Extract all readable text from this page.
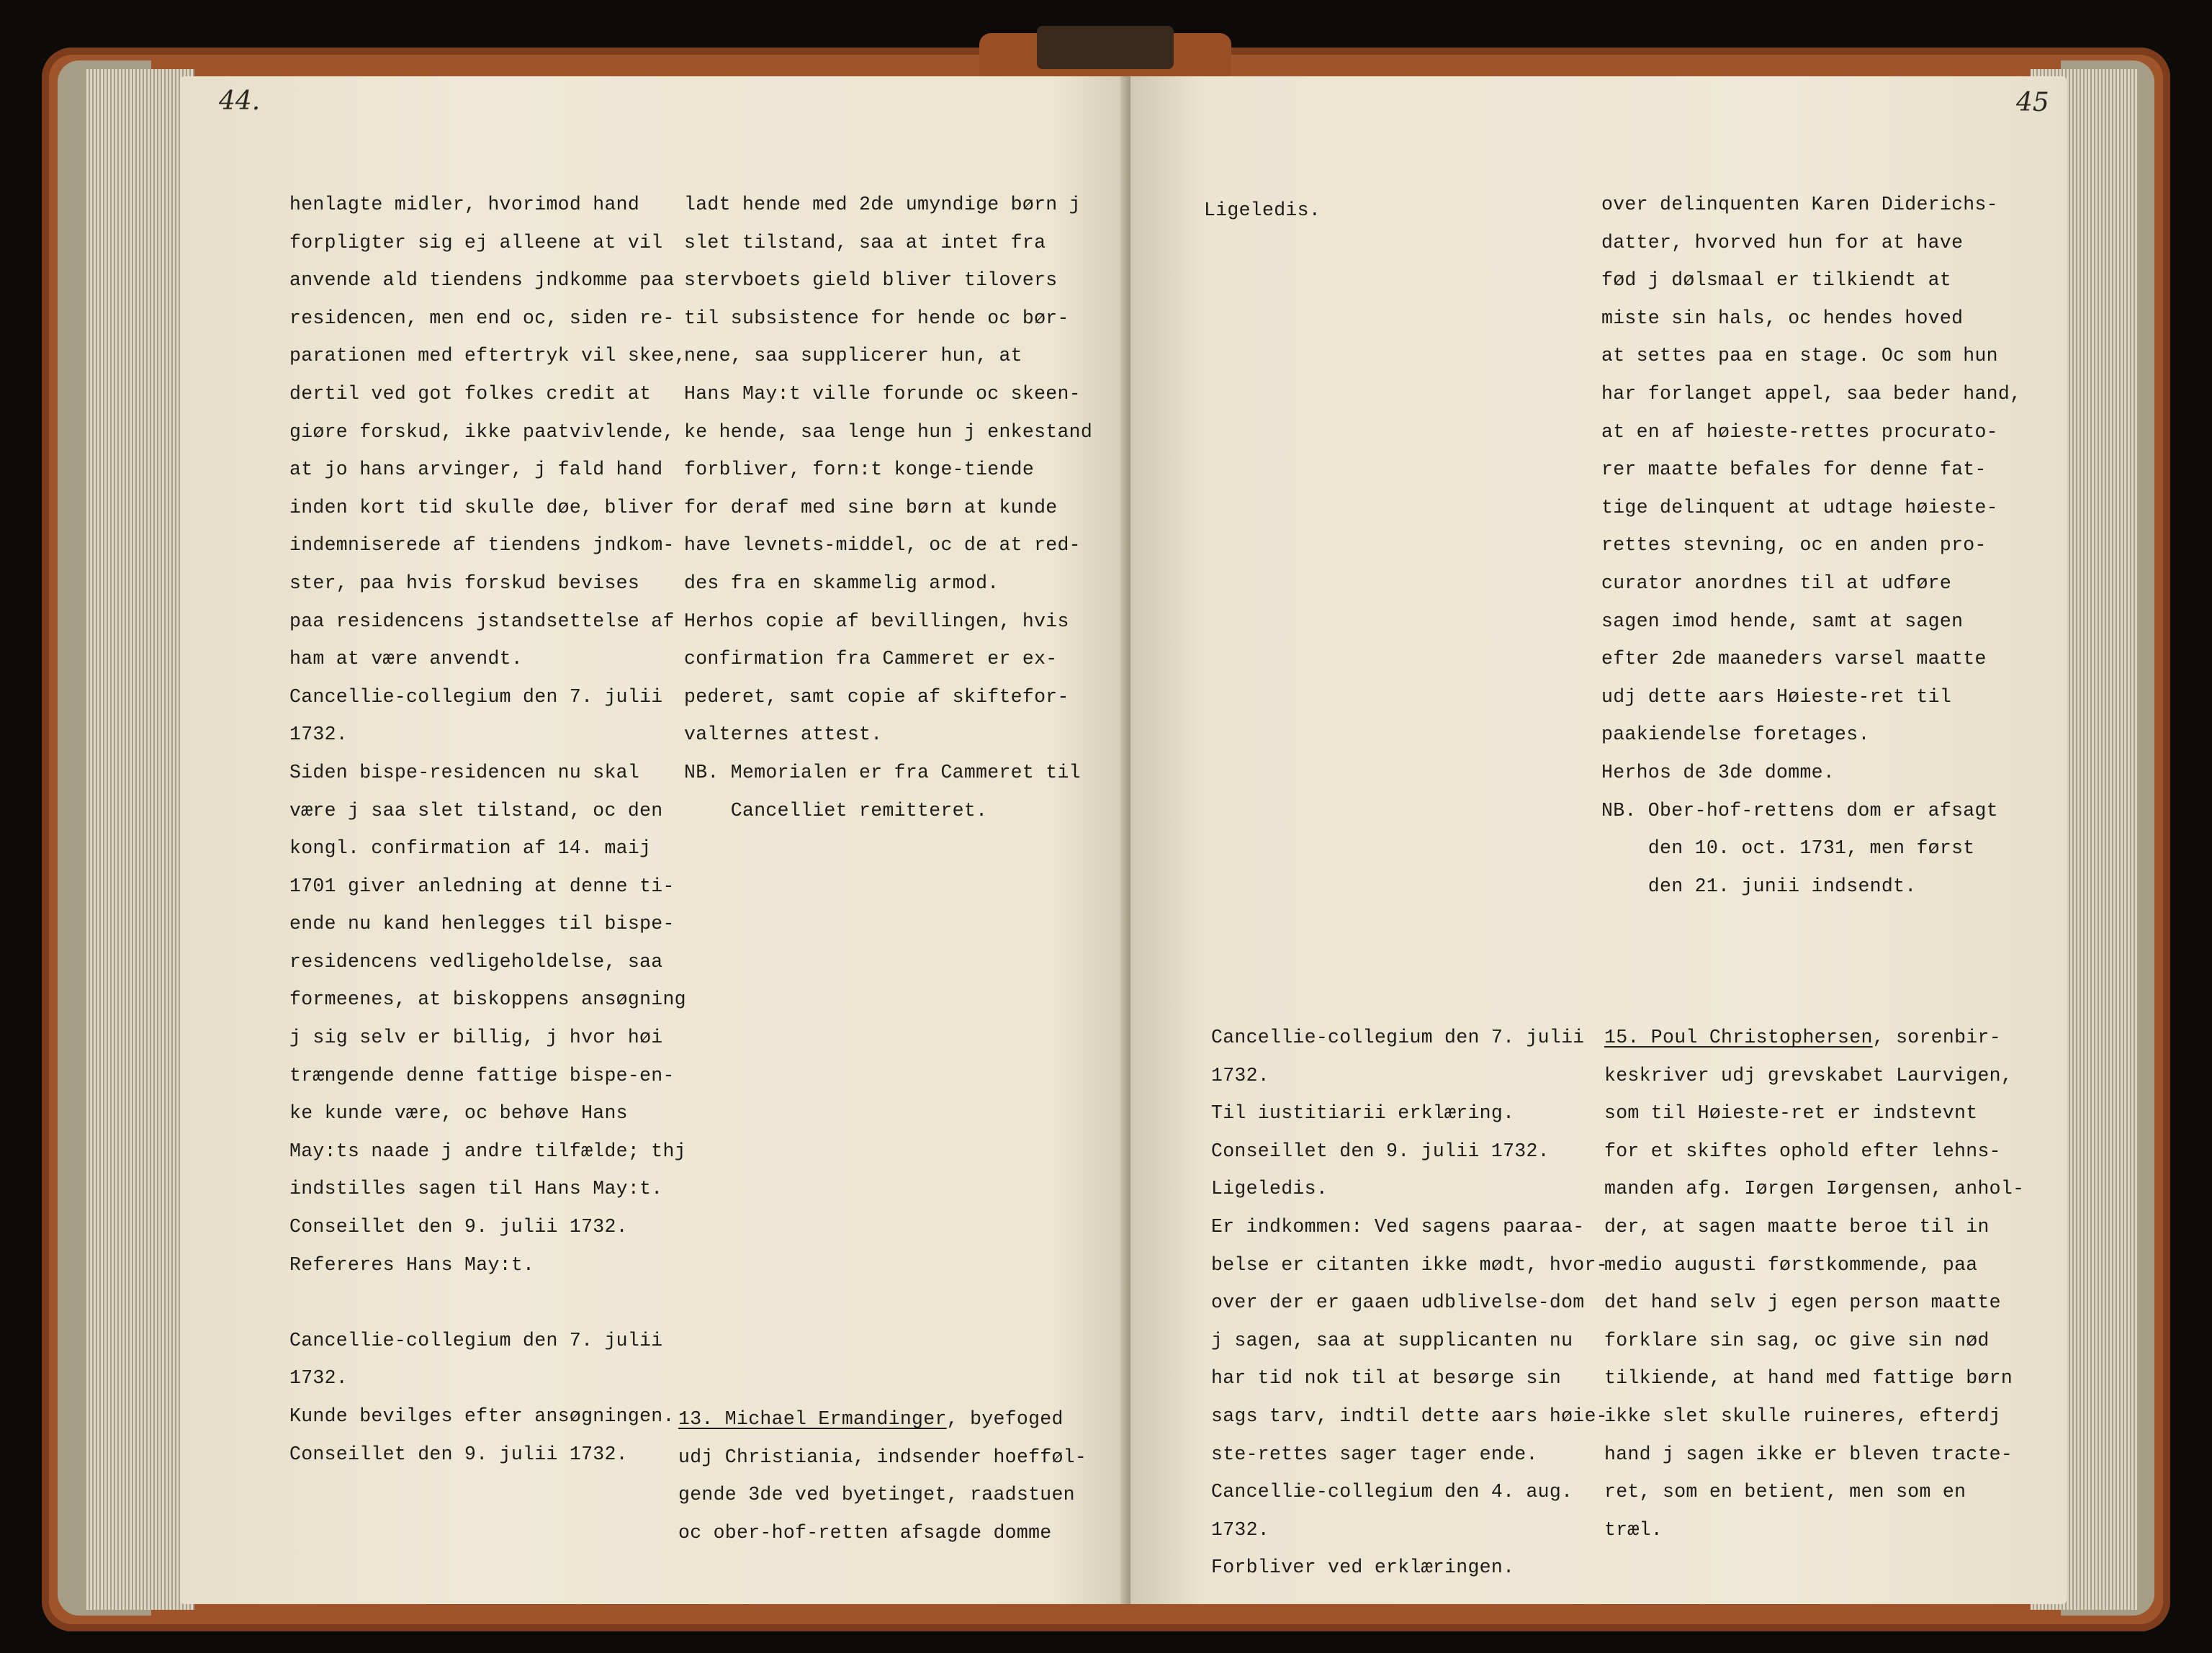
44.
henlagte midler, hvorimod hand
forpligter sig ej alleene at vil
anvende ald tiendens jndkomme paa
residencen, men end oc, siden re-
parationen med eftertryk vil skee,
dertil ved got folkes credit at
giøre forskud, ikke paatvivlende,
at jo hans arvinger, j fald hand
inden kort tid skulle døe, bliver
indemniserede af tiendens jndkom-
ster, paa hvis forskud bevises
paa residencens jstandsettelse af
ham at være anvendt.
Cancellie-collegium den 7. julii
1732.
Siden bispe-residencen nu skal
være j saa slet tilstand, oc den
kongl. confirmation af 14. maij
1701 giver anledning at denne ti-
ende nu kand henlegges til bispe-
residencens vedligeholdelse, saa
formeenes, at biskoppens ansøgning
j sig selv er billig, j hvor høi
trængende denne fattige bispe-en-
ke kunde være, oc behøve Hans
May:ts naade j andre tilfælde; thj
indstilles sagen til Hans May:t.
Conseillet den 9. julii 1732.
Refereres Hans May:t.
Cancellie-collegium den 7. julii
1732.
Kunde bevilges efter ansøgningen.
Conseillet den 9. julii 1732.
ladt hende med 2de umyndige børn j
slet tilstand, saa at intet fra
stervboets gield bliver tilovers
til subsistence for hende oc bør-
nene, saa supplicerer hun, at
Hans May:t ville forunde oc skeen-
ke hende, saa lenge hun j enkestand
forbliver, forn:t konge-tiende
for deraf med sine børn at kunde
have levnets-middel, oc de at red-
des fra en skammelig armod.
Herhos copie af bevillingen, hvis
confirmation fra Cammeret er ex-
pederet, samt copie af skiftefor-
valternes attest.
NB. Memorialen er fra Cammeret til
Cancelliet remitteret.
13. Michael Ermandinger, byefoged
udj Christiania, indsender hoefføl-
gende 3de ved byetinget, raadstuen
oc ober-hof-retten afsagde domme
45
Ligeledis.
Cancellie-collegium den 7. julii
1732.
Til iustitiarii erklæring.
Conseillet den 9. julii 1732.
Ligeledis.
Er indkommen: Ved sagens paaraa-
belse er citanten ikke mødt, hvor-
over der er gaaen udblivelse-dom
j sagen, saa at supplicanten nu
har tid nok til at besørge sin
sags tarv, indtil dette aars høie-
ste-rettes sager tager ende.
Cancellie-collegium den 4. aug.
1732.
Forbliver ved erklæringen.
over delinquenten Karen Diderichs-
datter, hvorved hun for at have
fød j dølsmaal er tilkiendt at
miste sin hals, oc hendes hoved
at settes paa en stage. Oc som hun
har forlanget appel, saa beder hand,
at en af høieste-rettes procurato-
rer maatte befales for denne fat-
tige delinquent at udtage høieste-
rettes stevning, oc en anden pro-
curator anordnes til at udføre
sagen imod hende, samt at sagen
efter 2de maaneders varsel maatte
udj dette aars Høieste-ret til
paakiendelse foretages.
Herhos de 3de domme.
NB. Ober-hof-rettens dom er afsagt
den 10. oct. 1731, men først
den 21. junii indsendt.
15. Poul Christophersen, sorenbir-
keskriver udj grevskabet Laurvigen,
som til Høieste-ret er indstevnt
for et skiftes ophold efter lehns-
manden afg. Iørgen Iørgensen, anhol-
der, at sagen maatte beroe til in
medio augusti førstkommende, paa
det hand selv j egen person maatte
forklare sin sag, oc give sin nød
tilkiende, at hand med fattige børn
ikke slet skulle ruineres, efterdj
hand j sagen ikke er bleven tracte-
ret, som en betient, men som en
træl.
